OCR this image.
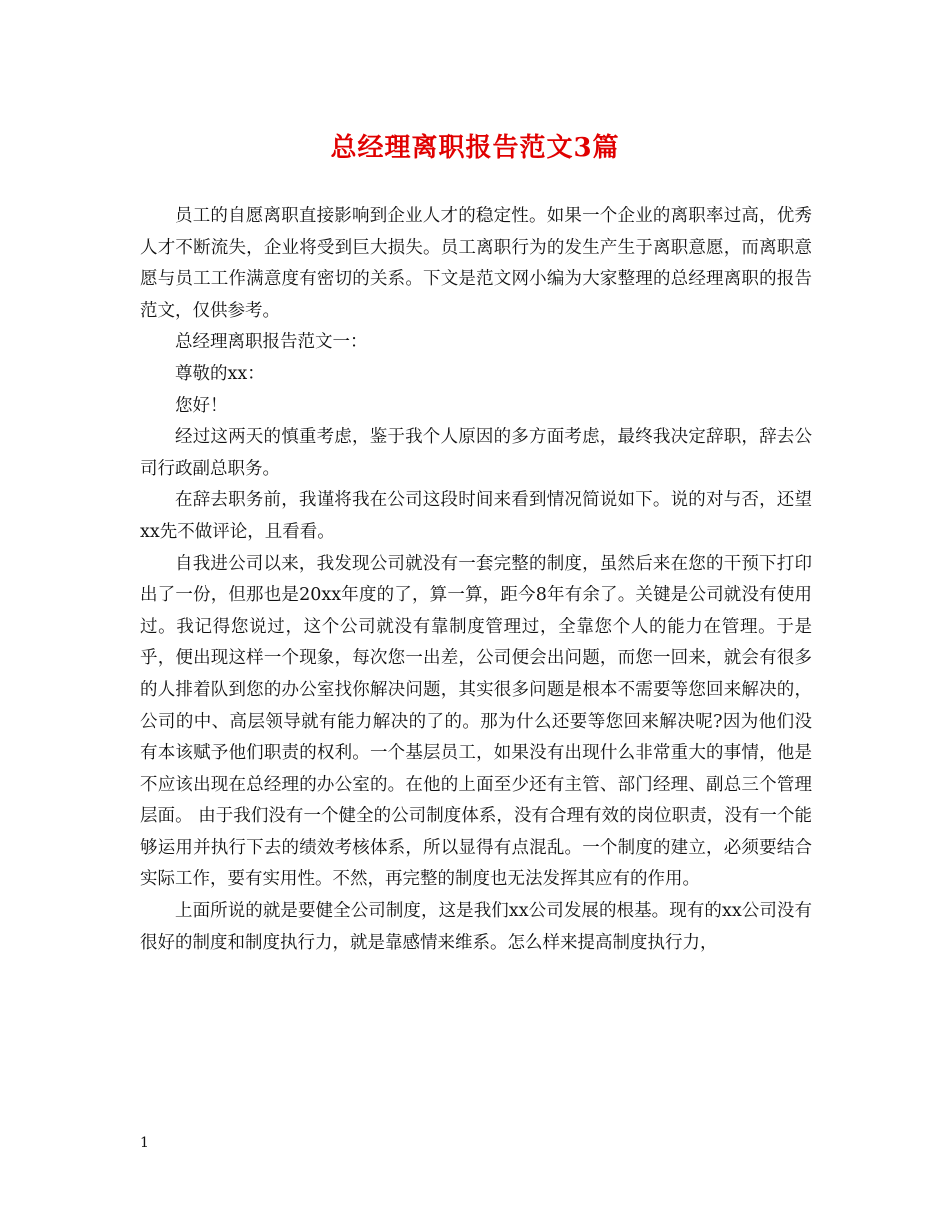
总经理离职报告范文3篇

员工的自愿离职直接影响到企业人才的稳定性。如果一个企业的离职率过高，优秀人才不断流失，企业将受到巨大损失。员工离职行为的发生产生于离职意愿，而离职意愿与员工工作满意度有密切的关系。下文是范文网小编为大家整理的总经理离职的报告范文，仅供参考。

总经理离职报告范文一：

尊敬的xx：

您好！

经过这两天的慎重考虑，鉴于我个人原因的多方面考虑，最终我决定辞职，辞去公司行政副总职务。

在辞去职务前，我谨将我在公司这段时间来看到情况简说如下。说的对与否，还望xx先不做评论，且看看。

自我进公司以来，我发现公司就没有一套完整的制度，虽然后来在您的干预下打印出了一份，但那也是20xx年度的了，算一算，距今8年有余了。关键是公司就没有使用过。我记得您说过，这个公司就没有靠制度管理过，全靠您个人的能力在管理。于是乎，便出现这样一个现象，每次您一出差，公司便会出问题，而您一回来，就会有很多的人排着队到您的办公室找你解决问题，其实很多问题是根本不需要等您回来解决的，公司的中、高层领导就有能力解决的了的。那为什么还要等您回来解决呢?因为他们没有本该赋予他们职责的权利。一个基层员工，如果没有出现什么非常重大的事情，他是不应该出现在总经理的办公室的。在他的上面至少还有主管、部门经理、副总三个管理层面。 由于我们没有一个健全的公司制度体系，没有合理有效的岗位职责，没有一个能够运用并执行下去的绩效考核体系，所以显得有点混乱。一个制度的建立，必须要结合实际工作，要有实用性。不然，再完整的制度也无法发挥其应有的作用。

上面所说的就是要健全公司制度，这是我们xx公司发展的根基。现有的xx公司没有很好的制度和制度执行力，就是靠感情来维系。怎么样来提高制度执行力，

1
